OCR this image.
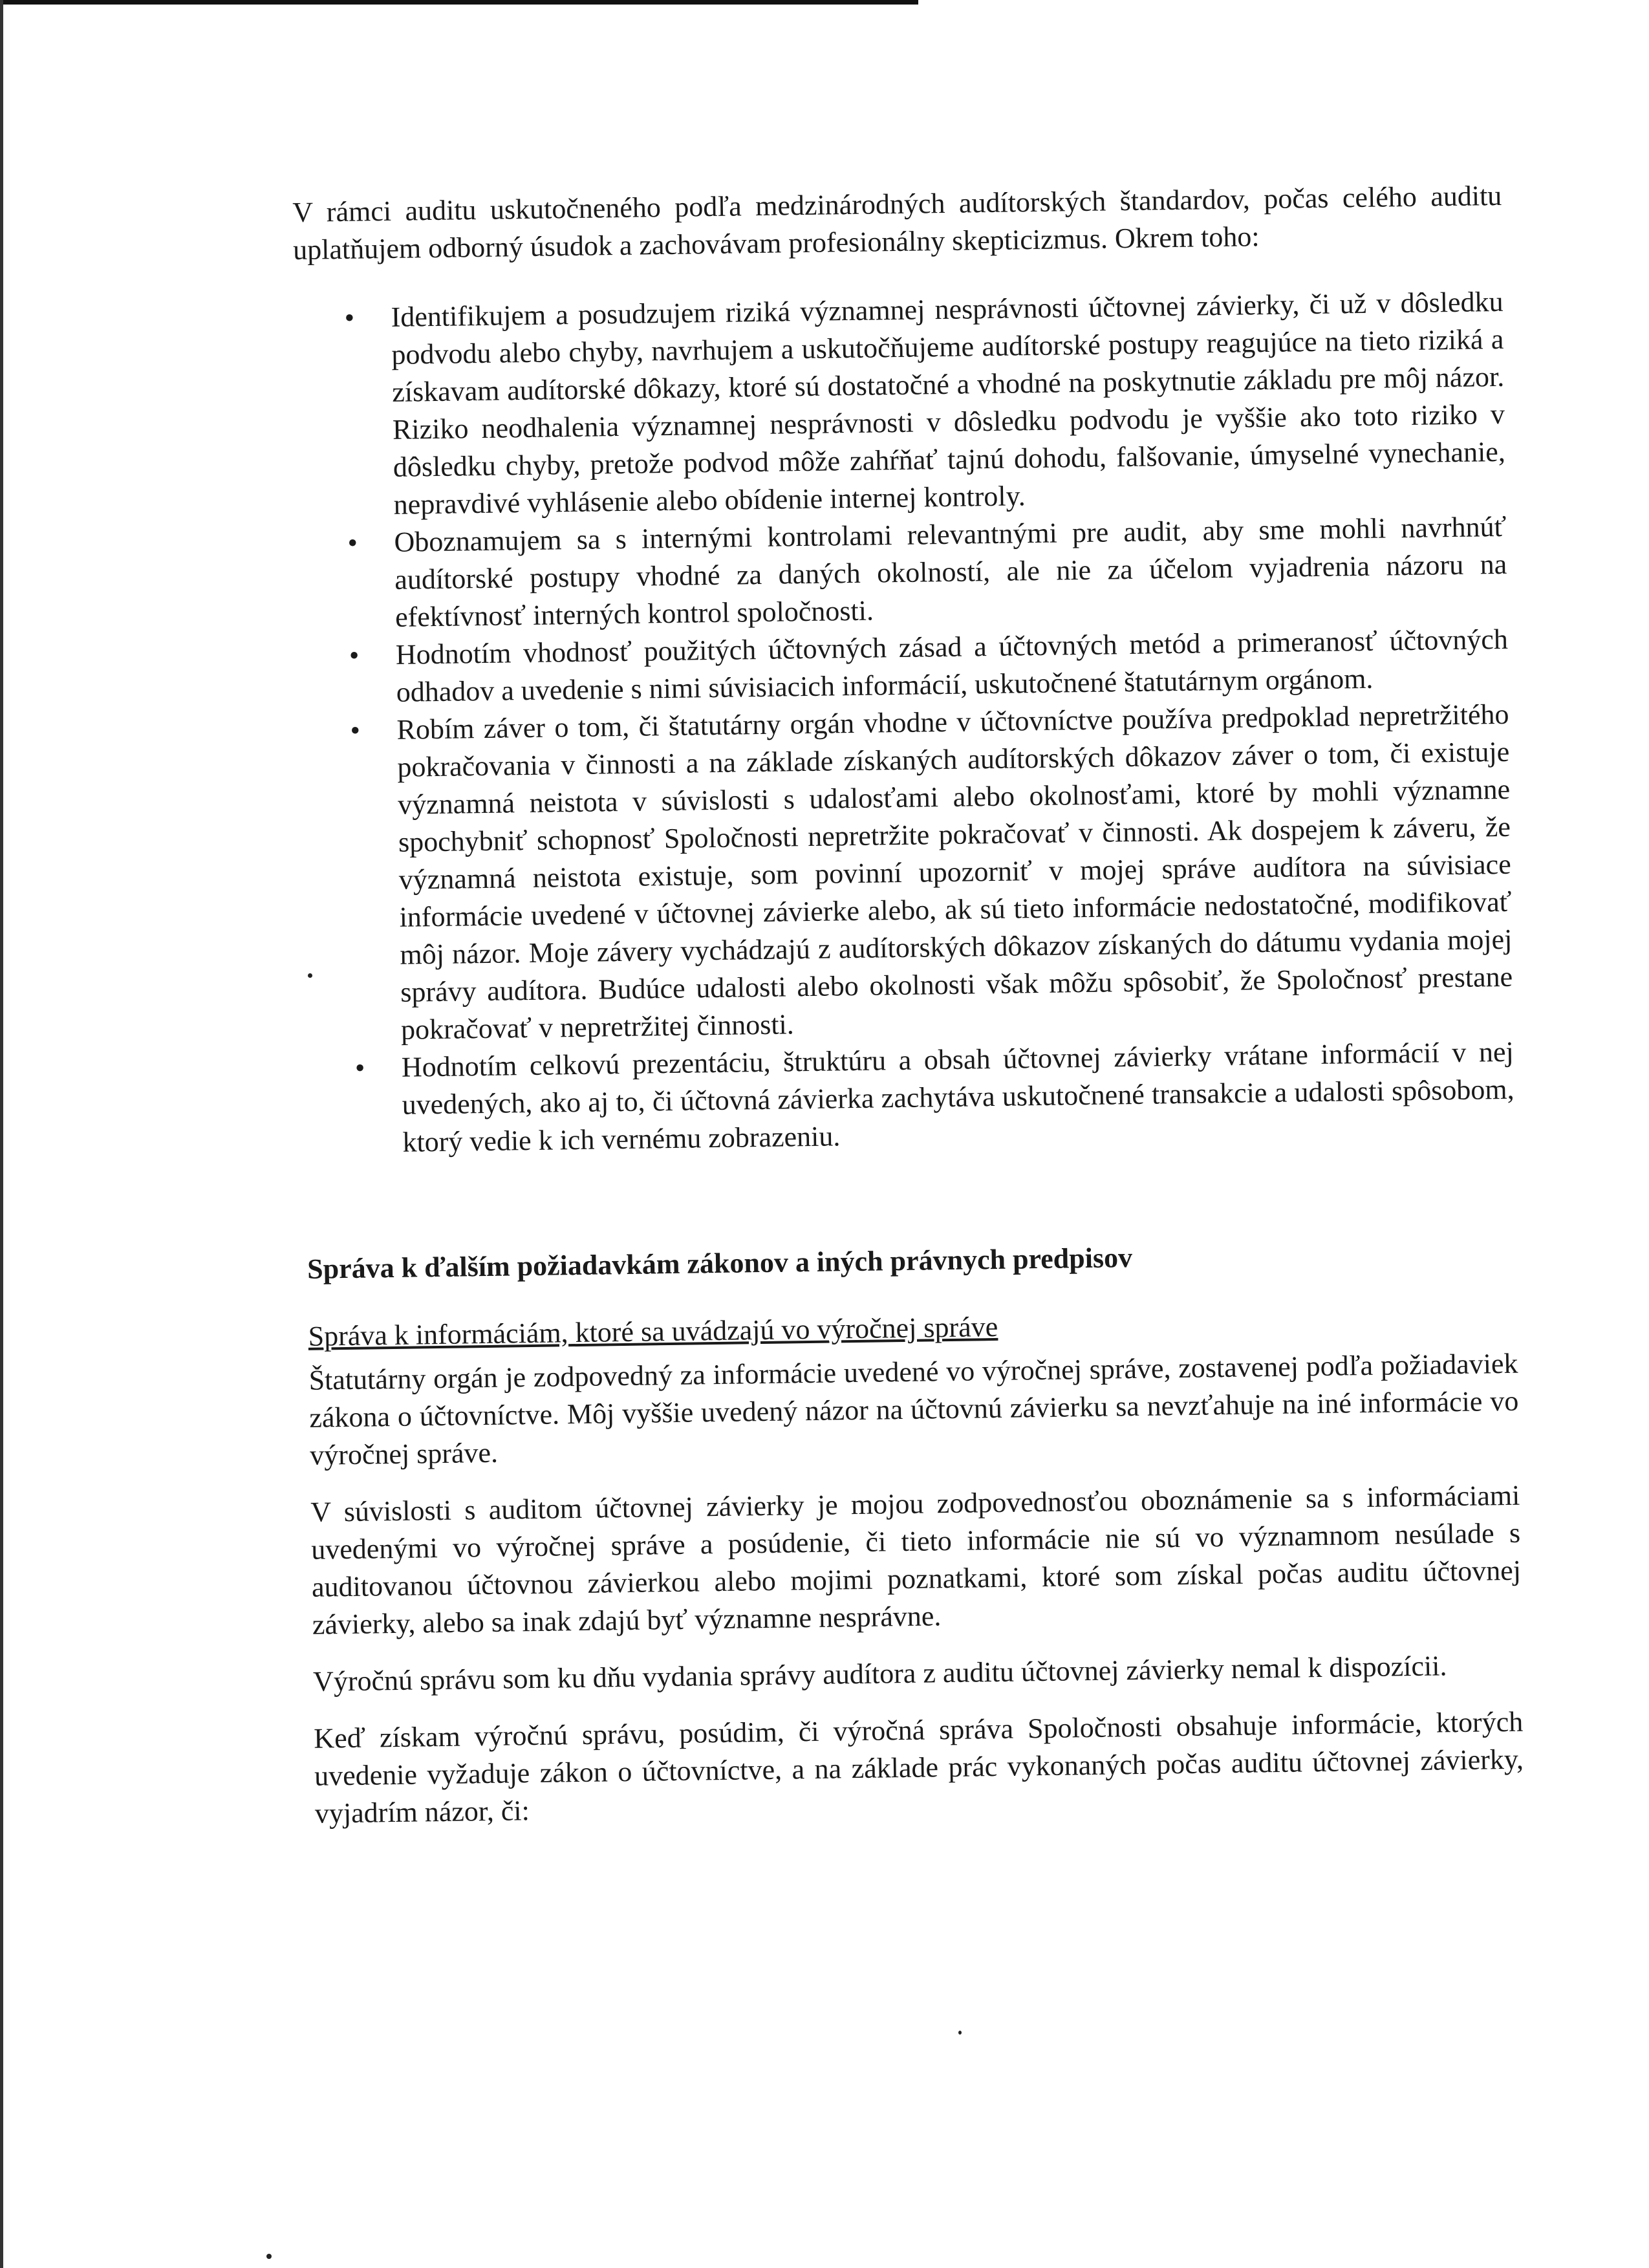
V rámci auditu uskutočneného podľa medzinárodných audítorských štandardov, počas celého auditu uplatňujem odborný úsudok a zachovávam profesionálny skepticizmus. Okrem toho:

• Identifikujem a posudzujem riziká významnej nesprávnosti účtovnej závierky, či už v dôsledku podvodu alebo chyby, navrhujem a uskutočňujeme audítorské postupy reagujúce na tieto riziká a získavam audítorské dôkazy, ktoré sú dostatočné a vhodné na poskytnutie základu pre môj názor. Riziko neodhalenia významnej nesprávnosti v dôsledku podvodu je vyššie ako toto riziko v dôsledku chyby, pretože podvod môže zahŕňať tajnú dohodu, falšovanie, úmyselné vynechanie, nepravdivé vyhlásenie alebo obídenie internej kontroly.

• Oboznamujem sa s internými kontrolami relevantnými pre audit, aby sme mohli navrhnúť audítorské postupy vhodné za daných okolností, ale nie za účelom vyjadrenia názoru na efektívnosť interných kontrol spoločnosti.

• Hodnotím vhodnosť použitých účtovných zásad a účtovných metód a primeranosť účtovných odhadov a uvedenie s nimi súvisiacich informácií, uskutočnené štatutárnym orgánom.

• Robím záver o tom, či štatutárny orgán vhodne v účtovníctve používa predpoklad nepretržitého pokračovania v činnosti a na základe získaných audítorských dôkazov záver o tom, či existuje významná neistota v súvislosti s udalosťami alebo okolnosťami, ktoré by mohli významne spochybniť schopnosť Spoločnosti nepretržite pokračovať v činnosti. Ak dospejem k záveru, že významná neistota existuje, som povinní upozorniť v mojej správe audítora na súvisiace informácie uvedené v účtovnej závierke alebo, ak sú tieto informácie nedostatočné, modifikovať môj názor. Moje závery vychádzajú z audítorských dôkazov získaných do dátumu vydania mojej správy audítora. Budúce udalosti alebo okolnosti však môžu spôsobiť, že Spoločnosť prestane pokračovať v nepretržitej činnosti.

• Hodnotím celkovú prezentáciu, štruktúru a obsah účtovnej závierky vrátane informácií v nej uvedených, ako aj to, či účtovná závierka zachytáva uskutočnené transakcie a udalosti spôsobom, ktorý vedie k ich vernému zobrazeniu.

Správa k ďalším požiadavkám zákonov a iných právnych predpisov
Správa k informáciám, ktoré sa uvádzajú vo výročnej správe

Štatutárny orgán je zodpovedný za informácie uvedené vo výročnej správe, zostavenej podľa požiadaviek zákona o účtovníctve. Môj vyššie uvedený názor na účtovnú závierku sa nevzťahuje na iné informácie vo výročnej správe.

V súvislosti s auditom účtovnej závierky je mojou zodpovednosťou oboznámenie sa s informáciami uvedenými vo výročnej správe a posúdenie, či tieto informácie nie sú vo významnom nesúlade s auditovanou účtovnou závierkou alebo mojimi poznatkami, ktoré som získal počas auditu účtovnej závierky, alebo sa inak zdajú byť významne nesprávne.

Výročnú správu som ku dňu vydania správy audítora z auditu účtovnej závierky nemal k dispozícii.

Keď získam výročnú správu, posúdim, či výročná správa Spoločnosti obsahuje informácie, ktorých uvedenie vyžaduje zákon o účtovníctve, a na základe prác vykonaných počas auditu účtovnej závierky, vyjadrím názor, či:
